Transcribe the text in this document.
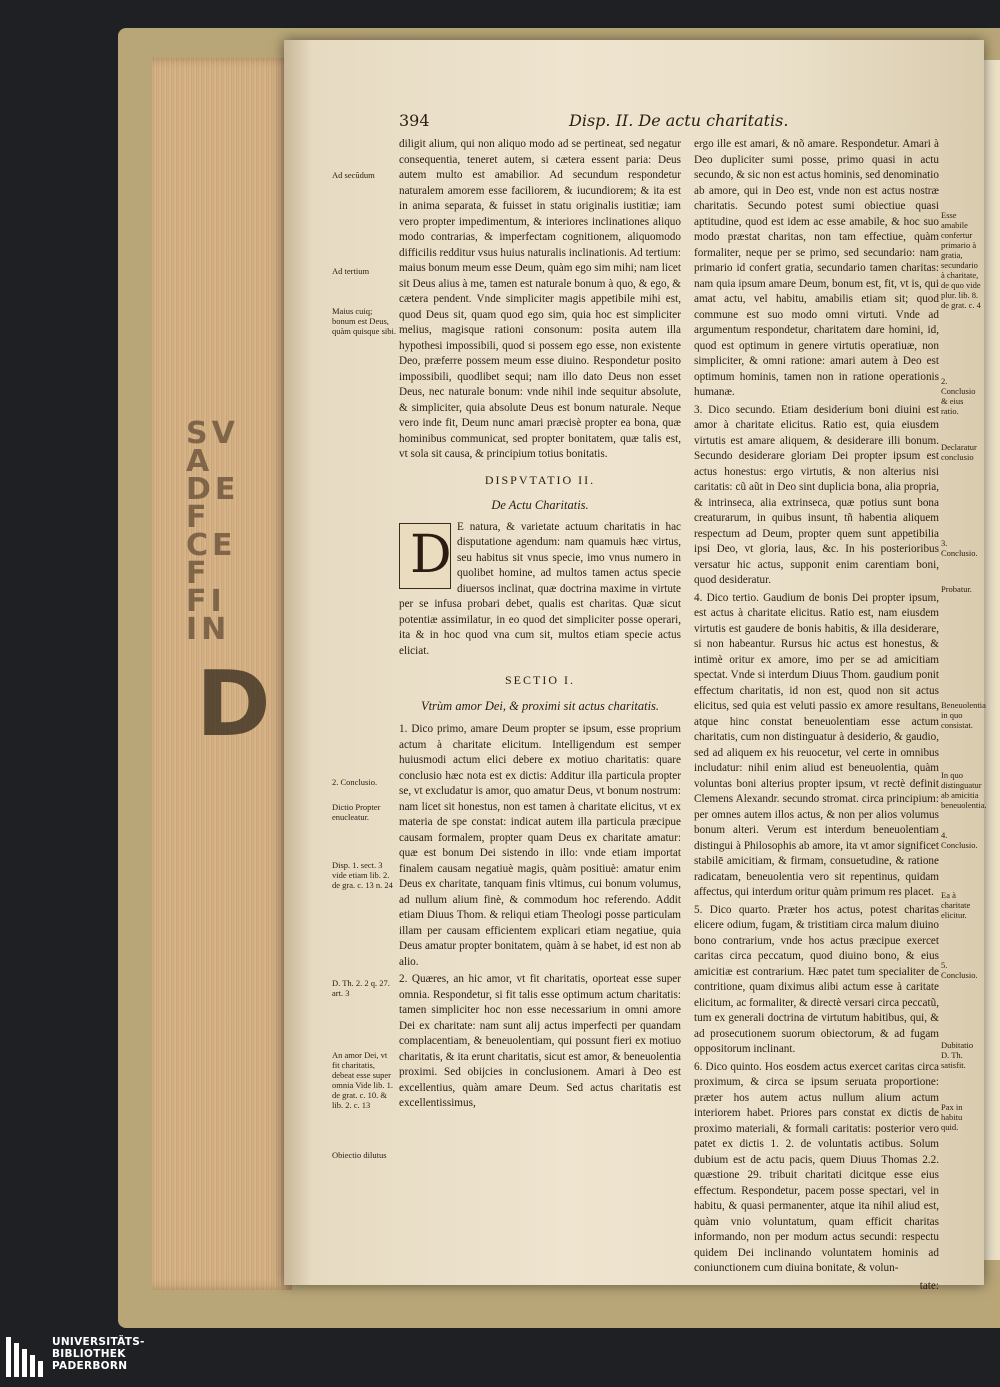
SVA DE F CEF FI IN
D
394	Disp. II. De actu charitatis.

diligit alium, qui non aliquo modo ad se pertineat, sed negatur consequentia, teneret autem, si cætera essent paria: Deus autem multo est amabilior. Ad secundum respondetur naturalem amorem esse faciliorem, & iucundiorem; & ita est in anima separata, & fuisset in statu originalis iustitiæ; iam vero propter impedimentum, & interiores inclinationes aliquo modo contrarias, & imperfectam cognitionem, aliquomodo difficilis redditur vsus huius naturalis inclinationis. Ad tertium: maius bonum meum esse Deum, quàm ego sim mihi; nam licet sit Deus alius à me, tamen est naturale bonum à quo, & ego, & cætera pendent. Vnde simpliciter magis appetibile mihi est, quod Deus sit, quam quod ego sim, quia hoc est simpliciter melius, magisque rationi consonum: posita autem illa hypothesi impossibili, quod si possem ego esse, non existente Deo, præferre possem meum esse diuino. Respondetur posito impossibili, quodlibet sequi; nam illo dato Deus non esset Deus, nec naturale bonum: vnde nihil inde sequitur absolute, & simpliciter, quia absolute Deus est bonum naturale. Neque vero inde fit, Deum nunc amari præcisè propter ea bona, quæ hominibus communicat, sed propter bonitatem, quæ talis est, vt sola sit causa, & principium totius bonitatis.

DISPVTATIO II.

De Actu Charitatis.

D E natura, & varietate actuum charitatis in hac disputatione agendum: nam quamuis hæc virtus, seu habitus sit vnus specie, imo vnus numero in quolibet homine, ad multos tamen actus specie diuersos inclinat, quæ doctrina maxime in virtute per se infusa probari debet, qualis est charitas. Quæ sicut potentiæ assimilatur, in eo quod det simpliciter posse operari, ita & in hoc quod vna cum sit, multos etiam specie actus eliciat.

SECTIO I.

Vtrùm amor Dei, & proximi sit actus charitatis.

1. Dico primo, amare Deum propter se ipsum, esse proprium actum à charitate elicitum. Intelligendum est semper huiusmodi actum elici debere ex motiuo charitatis: quare conclusio hæc nota est ex dictis: Additur illa particula propter se, vt excludatur is amor, quo amatur Deus, vt bonum nostrum: nam licet sit honestus, non est tamen à charitate elicitus, vt ex materia de spe constat: indicat autem illa particula præcipue causam formalem, propter quam Deus ex charitate amatur: quæ est bonum Dei sistendo in illo: vnde etiam importat finalem causam negatiuè magis, quàm positiuè: amatur enim Deus ex charitate, tanquam finis vltimus, cui bonum volumus, ad nullum alium finè, & commodum hoc referendo. Addit etiam Diuus Thom. & reliqui etiam Theologi posse particulam illam per causam efficientem explicari etiam negatiue, quia Deus amatur propter bonitatem, quàm à se habet, id est non ab alio.

2. Quæres, an hic amor, vt fit charitatis, oporteat esse super omnia. Respondetur, si fit talis esse optimum actum charitatis: tamen simpliciter hoc non esse necessarium in omni amore Dei ex charitate: nam sunt alij actus imperfecti per quandam complacentiam, & beneuolentiam, qui possunt fieri ex motiuo charitatis, & ita erunt charitatis, sicut est amor, & beneuolentia proximi. Sed obijcies in conclusionem. Amari à Deo est excellentius, quàm amare Deum. Sed actus charitatis est excellentissimus,

ergo ille est amari, & nõ amare. Respondetur. Amari à Deo dupliciter sumi posse, primo quasi in actu secundo, & sic non est actus hominis, sed denominatio ab amore, qui in Deo est, vnde non est actus nostræ charitatis. Secundo potest sumi obiectiue quasi aptitudine, quod est idem ac esse amabile, & hoc suo modo præstat charitas, non tam effectiue, quàm formaliter, neque per se primo, sed secundario: nam primario id confert gratia, secundario tamen charitas: nam quia ipsum amare Deum, bonum est, fit, vt is, qui amat actu, vel habitu, amabilis etiam sit; quod commune est suo modo omni virtuti. Vnde ad argumentum respondetur, charitatem dare homini, id, quod est optimum in genere virtutis operatiuæ, non simpliciter, & omni ratione: amari autem à Deo est optimum hominis, tamen non in ratione operationis humanæ.

3. Dico secundo. Etiam desiderium boni diuini est amor à charitate elicitus. Ratio est, quia eiusdem virtutis est amare aliquem, & desiderare illi bonum. Secundo desiderare gloriam Dei propter ipsum est actus honestus: ergo virtutis, & non alterius nisi caritatis: cũ aũt in Deo sint duplicia bona, alia propria, & intrinseca, alia extrinseca, quæ potius sunt bona creaturarum, in quibus insunt, tñ habentia aliquem respectum ad Deum, propter quem sunt appetibilia ipsi Deo, vt gloria, laus, &c. In his posterioribus versatur hic actus, supponit enim carentiam boni, quod desideratur.

4. Dico tertio. Gaudium de bonis Dei propter ipsum, est actus à charitate elicitus. Ratio est, nam eiusdem virtutis est gaudere de bonis habitis, & illa desiderare, si non habeantur. Rursus hic actus est honestus, & intimè oritur ex amore, imo per se ad amicitiam spectat. Vnde si interdum Diuus Thom. gaudium ponit effectum charitatis, id non est, quod non sit actus elicitus, sed quia est veluti passio ex amore resultans, atque hinc constat beneuolentiam esse actum charitatis, cum non distinguatur à desiderio, & gaudio, sed ad aliquem ex his reuocetur, vel certe in omnibus includatur: nihil enim aliud est beneuolentia, quàm voluntas boni alterius propter ipsum, vt rectè definit Clemens Alexandr. secundo stromat. circa principium: per omnes autem illos actus, & non per alios volumus bonum alteri. Verum est interdum beneuolentiam distingui à Philosophis ab amore, ita vt amor significet stabilē amicitiam, & firmam, consuetudine, & ratione radicatam, beneuolentia vero sit repentinus, quidam affectus, qui interdum oritur quàm primum res placet.

5. Dico quarto. Præter hos actus, potest charitas elicere odium, fugam, & tristitiam circa malum diuino bono contrarium, vnde hos actus præcipue exercet caritas circa peccatum, quod diuino bono, & eius amicitiæ est contrarium. Hæc patet tum specialiter de contritione, quam diximus alibi actum esse à caritate elicitum, ac formaliter, & directè versari circa peccatũ, tum ex generali doctrina de virtutum habitibus, qui, & ad prosecutionem suorum obiectorum, & ad fugam oppositorum inclinant.

6. Dico quinto. Hos eosdem actus exercet caritas circa proximum, & circa se ipsum seruata proportione: præter hos autem actus nullum alium actum interiorem habet. Priores pars constat ex dictis de proximo materiali, & formali caritatis: posterior vero patet ex dictis 1. 2. de voluntatis actibus. Solum dubium est de actu pacis, quem Diuus Thomas 2.2. quæstione 29. tribuit charitati dicitque esse eius effectum. Respondetur, pacem posse spectari, vel in habitu, & quasi permanenter, atque ita nihil aliud est, quàm vnio voluntatum, quam efficit charitas informando, non per modum actus secundi: respectu quidem Dei inclinando voluntatem hominis ad coniunctionem cum diuina bonitate, & volun-

tate:

Ad secũdum
Ad tertium
Maius cuiq; bonum est Deus, quàm quisque sibi.
2. Conclusio.
Dictio Propter enucleatur.
Disp. 1. sect. 3 vide etiam lib. 2. de gra. c. 13 n. 24
D. Th. 2. 2 q. 27. art. 3
An amor Dei, vt fit charitatis, debeat esse super omnia Vide lib. 1. de grat. c. 10. & lib. 2. c. 13
Obiectio dilutus
Esse amabile confertur primario à gratia, secundario à charitate, de quo vide plur. lib. 8. de grat. c. 4
2. Conclusio & eius ratio.
Declaratur conclusio
3. Conclusio.
Probatur.
Beneuolentia in quo consistat.
In quo distinguatur ab amicitia beneuolentia.
4. Conclusio.
Ea à charitate elicitur.
5. Conclusio.
Dubitatio D. Th. satisfit.
Pax in habitu quid.
UNIVERSITÄTS-
BIBLIOTHEK
PADERBORN
